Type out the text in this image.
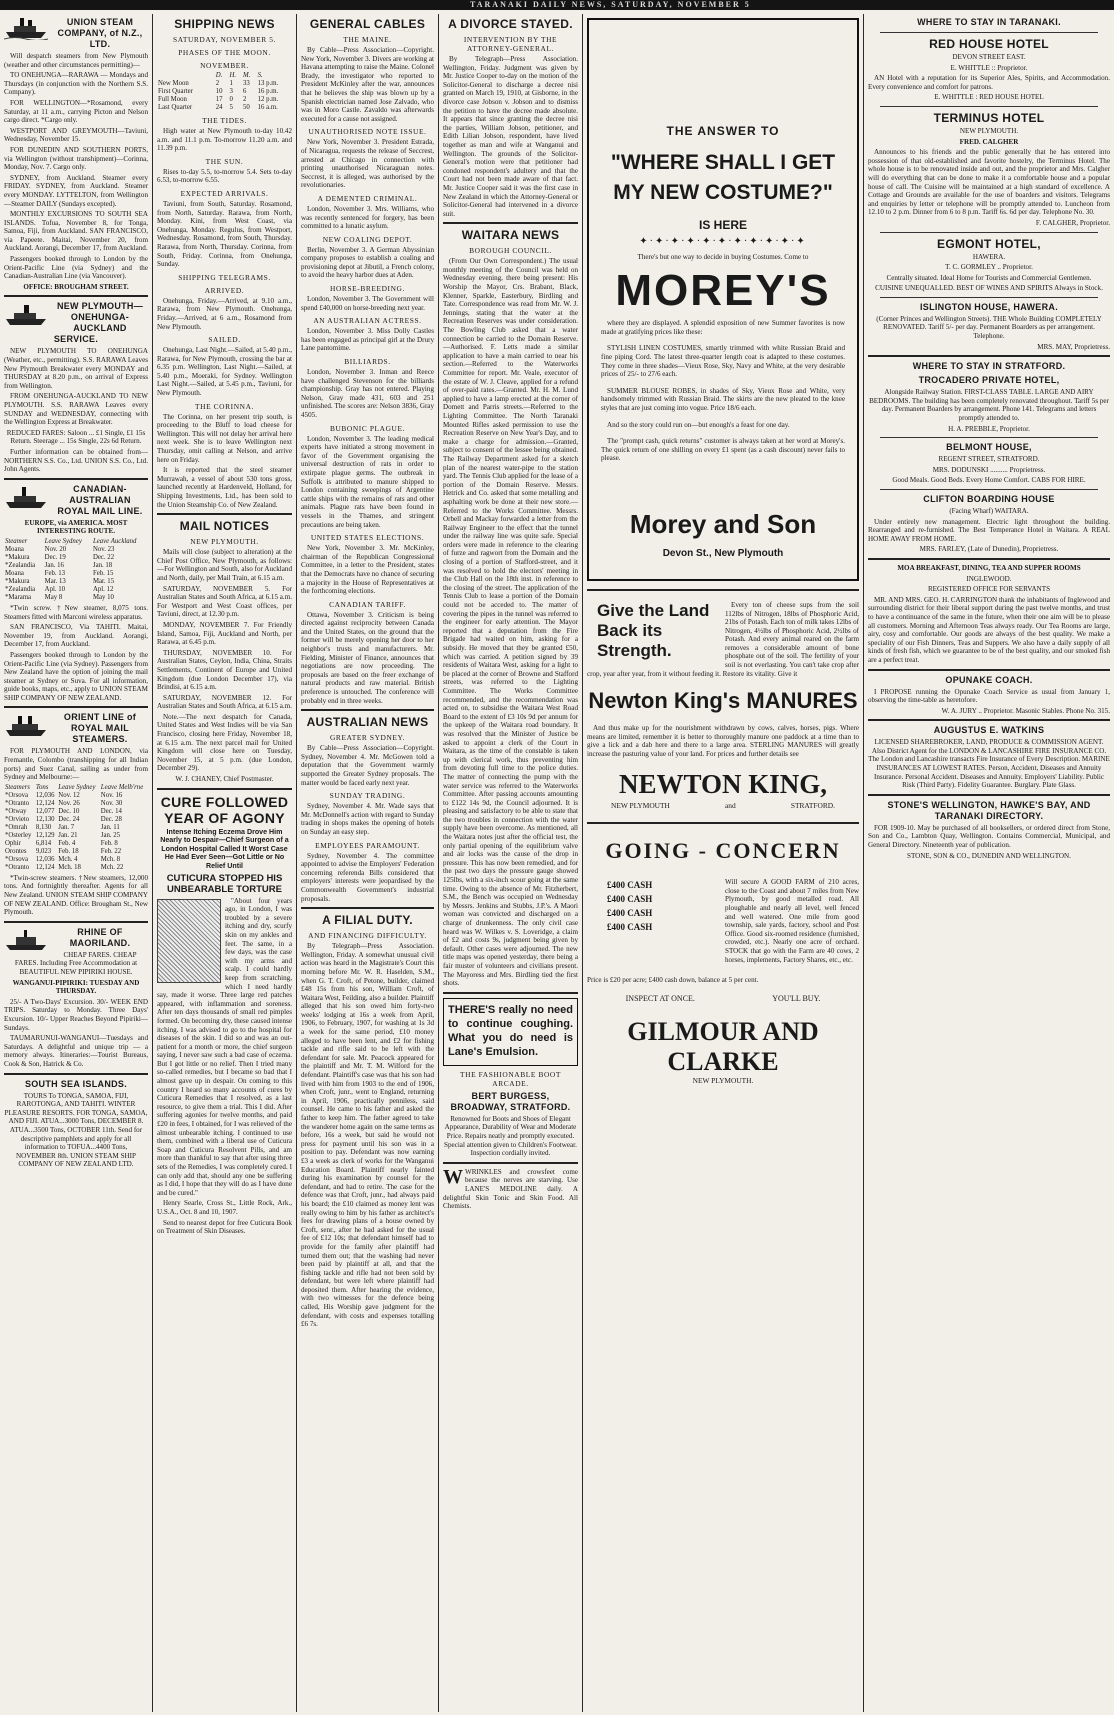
TARANAKI DAILY NEWS, SATURDAY, NOVEMBER 5
UNION STEAM COMPANY, of N.Z., LTD.

Will despatch steamers from New Plymouth (weather and other circumstances permitting)—

TO ONEHUNGA—RARAWA — Mondays and Thursdays (in conjunction with the Northern S.S. Company).

FOR WELLINGTON—*Rosamond, every Saturday, at 11 a.m., carrying Picton and Nelson cargo direct. *Cargo only.

WESTPORT AND GREYMOUTH—Taviuni, Wednesday, November 15.

FOR DUNEDIN AND SOUTHERN PORTS, via Wellington (without transhipment)—Corinna, Monday, Nov. 7. Cargo only.

SYDNEY, from Auckland. Steamer every FRIDAY. SYDNEY, from Auckland. Steamer every MONDAY. LYTTELTON, from Wellington—Steamer DAILY (Sundays excepted).

MONTHLY EXCURSIONS TO SOUTH SEA ISLANDS. Tofua, November 8, for Tonga, Samoa, Fiji, from Auckland. SAN FRANCISCO, via Papeete. Maitai, November 20, from Auckland. Aorangi, December 17, from Auckland.

Passengers booked through to London by the Orient-Pacific Line (via Sydney) and the Canadian-Australian Line (via Vancouver).

OFFICE: BROUGHAM STREET.

NEW PLYMOUTH—ONEHUNGA-AUCKLAND SERVICE.

NEW PLYMOUTH TO ONEHUNGA (Weather, etc., permitting). S.S. RARAWA Leaves New Plymouth Breakwater every MONDAY and THURSDAY at 8.20 p.m., on arrival of Express from Wellington.

FROM ONEHUNGA-AUCKLAND TO NEW PLYMOUTH. S.S. RARAWA Leaves every SUNDAY and WEDNESDAY, connecting with the Wellington Express at Breakwater.

REDUCED FARES: Saloon ... £1 Single, £1 15s Return. Steerage ... 15s Single, 22s 6d Return.

Further information can be obtained from—NORTHERN S.S. Co., Ltd. UNION S.S. Co., Ltd. John Agents.

CANADIAN-AUSTRALIAN ROYAL MAIL LINE.

EUROPE, via AMERICA. MOST INTERESTING ROUTE.

Steamer	Leave Sydney	Leave Auckland
Moana	Nov. 20	Nov. 23
*Makura	Dec. 19	Dec. 22
*Zealandia	Jan. 16	Jan. 18
Moana	Feb. 13	Feb. 15
*Makura	Mar. 13	Mar. 15
*Zealandia	Apl. 10	Apl. 12
*Marama	May 8	May 10

*Twin screw. †New steamer, 8,075 tons. Steamers fitted with Marconi wireless apparatus.

SAN FRANCISCO, Via TAHITI. Maitai, November 19, from Auckland. Aorangi, December 17, from Auckland.

Passengers booked through to London by the Orient-Pacific Line (via Sydney). Passengers from New Zealand have the option of joining the mail steamer at Sydney or Suva. For all information, guide books, maps, etc., apply to UNION STEAM SHIP COMPANY OF NEW ZEALAND.

ORIENT LINE of ROYAL MAIL STEAMERS.

FOR PLYMOUTH AND LONDON, via Fremantle, Colombo (transhipping for all Indian ports) and Suez Canal, sailing as under from Sydney and Melbourne:—

Steamers	Tons	Leave Sydney	Leave Melb'rne
*Orsova	12,036	Nov. 12	Nov. 16
*Otranto	12,124	Nov. 26	Nov. 30
*Otway	12,077	Dec. 10	Dec. 14
*Orvieto	12,130	Dec. 24	Dec. 28
*Omrah	8,130	Jan. 7	Jan. 11
*Osterley	12,129	Jan. 21	Jan. 25
Ophir	6,814	Feb. 4	Feb. 8
Orontes	9,023	Feb. 18	Feb. 22
*Orsova	12,036	Mch. 4	Mch. 8
*Otranto	12,124	Mch. 18	Mch. 22

*Twin-screw steamers. †New steamers, 12,000 tons. And fortnightly thereafter. Agents for all New Zealand. UNION STEAM SHIP COMPANY OF NEW ZEALAND. Office: Brougham St., New Plymouth.

RHINE OF MAORILAND.

CHEAP FARES. CHEAP FARES. Including Free Accommodation at BEAUTIFUL NEW PIPIRIKI HOUSE.

WANGANUI-PIPIRIKI: TUESDAY AND THURSDAY.

25/- A Two-Days' Excursion. 30/- WEEK END TRIPS. Saturday to Monday. Three Days' Excursion. 10/- Upper Reaches Beyond Pipiriki—Sundays.

TAUMARUNUI-WANGANUI—Tuesdays and Saturdays. A delightful and unique trip — a memory always. Itineraries:—Tourist Bureaus, Cook & Son, Hatrick & Co.

SOUTH SEA ISLANDS.

TOURS To TONGA, SAMOA, FIJI, RAROTONGA, AND TAHITI. WINTER PLEASURE RESORTS. FOR TONGA, SAMOA, AND FIJI. ATUA...3000 Tons, DECEMBER 8. ATUA...3500 Tons, OCTOBER 11th. Send for descriptive pamphlets and apply for all information to TOFUA...4400 Tons, NOVEMBER 8th. UNION STEAM SHIP COMPANY OF NEW ZEALAND LTD.

SHIPPING NEWS
SATURDAY, NOVEMBER 5.
PHASES OF THE MOON.
NOVEMBER.
	D.	H.	M.	S.
New Moon	2	1	33	13 p.m.
First Quarter	10	3	6	16 p.m.
Full Moon	17	0	2	12 p.m.
Last Quarter	24	5	50	16 a.m.
THE TIDES.

High water at New Plymouth to-day 10.42 a.m. and 11.1 p.m. To-morrow 11.20 a.m. and 11.39 p.m.

THE SUN.

Rises to-day 5.5, to-morrow 5.4. Sets to-day 6.53, to-morrow 6.55.

EXPECTED ARRIVALS.

Taviuni, from South, Saturday. Rosamond, from North, Saturday. Rarawa, from North, Monday. Kini, from West Coast, via Onehunga, Monday. Regulus, from Westport, Wednesday. Rosamond, from South, Thursday. Rarawa, from North, Thursday. Corinna, from South, Friday. Corinna, from Onehunga, Sunday.

SHIPPING TELEGRAMS.
ARRIVED.

Onehunga, Friday.—Arrived, at 9.10 a.m., Rarawa, from New Plymouth. Onehunga, Friday.—Arrived, at 6 a.m., Rosamond from New Plymouth.

SAILED.

Onehunga, Last Night.—Sailed, at 5.40 p.m., Rarawa, for New Plymouth, crossing the bar at 6.35 p.m. Wellington, Last Night.—Sailed, at 5.40 p.m., Moeraki, for Sydney. Wellington Last Night.—Sailed, at 5.45 p.m., Taviuni, for New Plymouth.

THE CORINNA.

The Corinna, on her present trip south, is proceeding to the Bluff to load cheese for Wellington. This will not delay her arrival here next week. She is to leave Wellington next Thursday, omit calling at Nelson, and arrive here on Friday.

It is reported that the steel steamer Murrawah, a vessel of about 530 tons gross, launched recently at Hardenveld, Holland, for Shipping Investments, Ltd., has been sold to the Union Steamship Co. of New Zealand.

MAIL NOTICES
NEW PLYMOUTH.

Mails will close (subject to alteration) at the Chief Post Office, New Plymouth, as follows:—For Wellington and South, also for Auckland and North, daily, per Mail Train, at 6.15 a.m.

SATURDAY, NOVEMBER 5. For Australian States and South Africa, at 6.15 a.m. For Westport and West Coast offices, per Taviuni, direct, at 12.30 p.m.

MONDAY, NOVEMBER 7. For Friendly Island, Samoa, Fiji, Auckland and North, per Rarawa, at 6.45 p.m.

THURSDAY, NOVEMBER 10. For Australian States, Ceylon, India, China, Straits Settlements, Continent of Europe and United Kingdom (due London December 17), via Brindisi, at 6.15 a.m.

SATURDAY, NOVEMBER 12. For Australian States and South Africa, at 6.15 a.m.

Note.—The next despatch for Canada, United States and West Indies will be via San Francisco, closing here Friday, November 18, at 6.15 a.m. The next parcel mail for United Kingdom will close here on Tuesday, November 15, at 5 p.m. (due London, December 29).

W. J. CHANEY, Chief Postmaster.

CURE FOLLOWED YEAR OF AGONY

Intense Itching Eczema Drove Him Nearly to Despair—Chief Surgeon of a London Hospital Called It Worst Case He Had Ever Seen—Got Little or No Relief Until

CUTICURA STOPPED HIS UNBEARABLE TORTURE

"About four years ago, in London, I was troubled by a severe itching and dry, scurfy skin on my ankles and feet. The same, in a few days, was the case with my arms and scalp. I could hardly keep from scratching, which I need hardly say, made it worse. Three large red patches appeared, with inflammation and soreness. After ten days thousands of small red pimples formed. On becoming dry, these caused intense itching. I was advised to go to the hospital for diseases of the skin. I did so and was an out-patient for a month or more, the chief surgeon saying, I never saw such a bad case of eczema. But I got little or no relief. Then I tried many so-called remedies, but I became so bad that I almost gave up in despair. On coming to this country I heard so many accounts of cures by Cuticura Remedies that I resolved, as a last resource, to give them a trial. This I did. After suffering agonies for twelve months, and paid £20 in fees, I obtained, for I was relieved of the almost unbearable itching. I continued to use them, combined with a liberal use of Cuticura Soap and Cuticura Resolvent Pills, and am more than thankful to say that after using three sets of the Remedies, I was completely cured. I can only add that, should any one be suffering as I did, I hope that they will do as I have done and be cured."

Henry Searle, Cross St., Little Rock, Ark., U.S.A., Oct. 8 and 10, 1907.

Send to nearest depot for free Cuticura Book on Treatment of Skin Diseases.

GENERAL CABLES
THE MAINE.

By Cable—Press Association—Copyright. New York, November 3. Divers are working at Havana attempting to raise the Maine. Colonel Brady, the investigator who reported to President McKinley after the war, announces that he believes the ship was blown up by a Spanish electrician named Jose Zalvado, who was in Moro Castle. Zavaldo was afterwards executed for a cause not assigned.

UNAUTHORISED NOTE ISSUE.

New York, November 3. President Estrada, of Nicaragua, requests the release of Seccrest, arrested at Chicago in connection with printing unauthorised Nicaraguan notes. Seccrest, it is alleged, was authorised by the revolutionaries.

A DEMENTED CRIMINAL.

London, November 3. Mrs. Williams, who was recently sentenced for forgery, has been committed to a lunatic asylum.

NEW COALING DEPOT.

Berlin, November 3. A German Abyssinian company proposes to establish a coaling and provisioning depot at Jibutil, a French colony, to avoid the heavy harbor dues at Aden.

HORSE-BREEDING.

London, November 3. The Government will spend £40,000 on horse-breeding next year.

AN AUSTRALIAN ACTRESS.

London, November 3. Miss Dolly Castles has been engaged as principal girl at the Drury Lane pantomime.

BILLIARDS.

London, November 3. Inman and Reece have challenged Stevenson for the billiards championship. Gray has not entered. Playing Nelson, Gray made 431, 603 and 251 unfinished. The scores are: Nelson 3836, Gray 4505.

BUBONIC PLAGUE.

London, November 3. The leading medical experts have initiated a strong movement in favor of the Government organising the universal destruction of rats in order to extirpate plague germs. The outbreak in Suffolk is attributed to manure shipped to London containing sweepings of Argentine cattle ships with the remains of rats and other animals. Plague rats have been found in vessels in the Thames, and stringent precautions are being taken.

UNITED STATES ELECTIONS.

New York, November 3. Mr. McKinley, chairman of the Republican Congressional Committee, in a letter to the President, states that the Democrats have no chance of securing a majority in the House of Representatives at the forthcoming elections.

CANADIAN TARIFF.

Ottawa, November 3. Criticism is being directed against reciprocity between Canada and the United States, on the ground that the former will be merely opening her door to her neighbor's trusts and manufacturers. Mr. Fielding, Minister of Finance, announces that negotiations are now proceeding. The proposals are based on the freer exchange of natural products and raw material. British preference is untouched. The conference will probably end in three weeks.

AUSTRALIAN NEWS
GREATER SYDNEY.

By Cable—Press Association—Copyright. Sydney, November 4. Mr. McGowen told a deputation that the Government warmly supported the Greater Sydney proposals. The matter would be faced early next year.

SUNDAY TRADING.

Sydney, November 4. Mr. Wade says that Mr. McDonnell's action with regard to Sunday trading in shops makes the opening of hotels on Sunday an easy step.

EMPLOYEES PARAMOUNT.

Sydney, November 4. The committee appointed to advise the Employers' Federation concerning referenda Bills considered that employers' interests were jeopardised by the Commonwealth Government's industrial proposals.

A FILIAL DUTY.
AND FINANCING DIFFICULTY.

By Telegraph—Press Association. Wellington, Friday. A somewhat unusual civil action was heard in the Magistrate's Court this morning before Mr. W. R. Haselden, S.M., when G. T. Croft, of Petone, builder, claimed £48 15s from his son, William Croft, of Waitara West, Feilding, also a builder. Plaintiff alleged that his son owed him forty-two weeks' lodging at 16s a week from April, 1906, to February, 1907, for washing at 1s 3d a week for the same period, £10 money alleged to have been lent, and £2 for fishing tackle and rifle said to be left with the defendant for sale. Mr. Peacock appeared for the plaintiff and Mr. T. M. Wilford for the defendant. Plaintiff's case was that his son had lived with him from 1903 to the end of 1906, when Croft, junr., went to England, returning in April, 1906, practically penniless, said counsel. He came to his father and asked the father to keep him. The father agreed to take the wanderer home again on the same terms as before, 16s a week, but said he would not press for payment until his son was in a position to pay. Defendant was now earning £3 a week as clerk of works for the Wanganui Education Board. Plaintiff nearly fainted during his examination by counsel for the defendant, and had to retire. The case for the defence was that Croft, junr., had always paid his board; the £10 claimed as money lent was really owing to him by his father as architect's fees for drawing plans of a house owned by Croft, senr., after he had asked for the usual fee of £12 10s; that defendant himself had to provide for the family after plaintiff had turned them out; that the washing had never been paid by plaintiff at all, and that the fishing tackle and rifle had not been sold by defendant, but were left where plaintiff had deposited them. After hearing the evidence, with two witnesses for the defence being called, His Worship gave judgment for the defendant, with costs and expenses totalling £6 7s.

A DIVORCE STAYED.
INTERVENTION BY THE ATTORNEY-GENERAL.

By Telegraph—Press Association. Wellington, Friday. Judgment was given by Mr. Justice Cooper to-day on the motion of the Solicitor-General to discharge a decree nisi granted on March 19, 1910, at Gisborne, in the divorce case Jobson v. Jobson and to dismiss the petition to have the decree made absolute. It appears that since granting the decree nisi the parties, William Jobson, petitioner, and Edith Lilian Jobson, respondent, have lived together as man and wife at Wanganui and Wellington. The grounds of the Solicitor-General's motion were that petitioner had condoned respondent's adultery and that the Court had not been made aware of that fact. Mr. Justice Cooper said it was the first case in New Zealand in which the Attorney-General or Solicitor-General had intervened in a divorce suit.

WAITARA NEWS
BOROUGH COUNCIL.

(From Our Own Correspondent.) The usual monthly meeting of the Council was held on Wednesday evening, there being present: His Worship the Mayor, Crs. Brabant, Black, Klenner, Sparkle, Easterbury, Birdling and Tate. Correspondence was read from Mr. W. J. Jennings, stating that the water at the Recreation Reserves was under consideration. The Bowling Club asked that a water connection be carried to the Domain Reserve.—Authorised. F. Letts made a similar application to have a main carried to near his section.—Referred to the Waterworks Committee for report. Mr. Veale, executor of the estate of W. J. Cleave, applied for a refund of over-paid rates.—Granted. Mr. H. M. Lund applied to have a lamp erected at the corner of Domett and Parris streets.—Referred to the Lighting Committee. The North Taranaki Mounted Rifles asked permission to use the Recreation Reserve on New Year's Day, and to make a charge for admission.—Granted, subject to consent of the lessee being obtained. The Railway Department asked for a sketch plan of the nearest water-pipe to the station yard. The Tennis Club applied for the lease of a portion of the Domain Reserve. Messrs. Hetrick and Co. asked that some metalling and asphalting work be done at their new store.—Referred to the Works Committee. Messrs. Orbell and Mackay forwarded a letter from the Railway Engineer to the effect that the tunnel under the railway line was quite safe. Special orders were made in reference to the clearing of furze and ragwort from the Domain and the closing of a portion of Stafford-street, and it was resolved to hold the electors' meeting in the Club Hall on the 18th inst. in reference to the closing of the street. The application of the Tennis Club to lease a portion of the Domain could not be acceded to. The matter of covering the pipes in the tunnel was referred to the engineer for early attention. The Mayor reported that a deputation from the Fire Brigade had waited on him, asking for a subsidy. He moved that they be granted £50, which was carried. A petition signed by 39 residents of Waitara West, asking for a light to be placed at the corner of Browne and Stafford streets, was referred to the Lighting Committee. The Works Committee recommended, and the recommendation was acted on, to subsidise the Waitara West Road Board to the extent of £3 10s 9d per annum for the upkeep of the Waitara road boundary. It was resolved that the Minister of Justice be asked to appoint a clerk of the Court in Waitara, as the time of the constable is taken up with clerical work, thus preventing him from devoting full time to the police duties. The matter of connecting the pump with the water service was referred to the Waterworks Committee. After passing accounts amounting to £122 14s 9d, the Council adjourned. It is pleasing and satisfactory to be able to state that the two troubles in connection with the water supply have been overcome. As mentioned, all the Waitara notes just after the official test, the only partial opening of the equilibrium valve and air locks was the cause of the drop in pressure. This has now been remedied, and for the past two days the pressure gauge showed 125lbs, with a six-inch scour going at the same time. Owing to the absence of Mr. Fitzherbert, S.M., the Bench was occupied on Wednesday by Messrs. Jenkins and Stubbs, J.P.'s. A Maori woman was convicted and discharged on a charge of drunkenness. The only civil case heard was W. Wilkes v. S. Loveridge, a claim of £2 and costs 9s, judgment being given by default. Other cases were adjourned. The new title maps was opened yesterday, there being a fair muster of volunteers and civilians present. The Mayoress and Mrs. Birdling tied the first shots.

THERE'S really no need to continue coughing. What you do need is Lane's Emulsion.

THE FASHIONABLE BOOT ARCADE.
BERT BURGESS, BROADWAY, STRATFORD.

Renowned for Boots and Shoes of Elegant Appearance, Durability of Wear and Moderate Price. Repairs neatly and promptly executed. Special attention given to Children's Footwear. Inspection cordially invited.

WWRINKLES and crowsfeet come because the nerves are starving. Use LANE'S MEDOLINE daily. A delightful Skin Tonic and Skin Food. All Chemists.

THE ANSWER TO
"WHERE SHALL I GET MY NEW COSTUME?"
IS HERE
✦·✦·✦·✦·✦·✦·✦·✦·✦·✦·✦

There's but one way to decide in buying Costumes. Come to

MOREY'S

where they are displayed. A splendid exposition of new Summer favorites is now made at gratifying prices like these:

STYLISH LINEN COSTUMES, smartly trimmed with white Russian Braid and fine piping Cord. The latest three-quarter length coat is adapted to these costumes. They come in three shades—Vieux Rose, Sky, Navy and White, at the very desirable prices of 25/- to 27/6 each.

SUMMER BLOUSE ROBES, in shades of Sky, Vieux Rose and White, very handsomely trimmed with Russian Braid. The skirts are the new pleated to the knee styles that are just coming into vogue. Price 18/6 each.

And so the story could run on—but enough's a feast for one day.

The "prompt cash, quick returns" customer is always taken at her word at Morey's. The quick return of one shilling on every £1 spent (as a cash discount) never fails to please.

Morey and Son
Devon St., New Plymouth
Give the Land Back its Strength.

Every ton of cheese sups from the soil 112lbs of Nitrogen, 18lbs of Phosphoric Acid, 21bs of Potash. Each ton of milk takes 12lbs of Nitrogen, 4½lbs of Phosphoric Acid, 2½lbs of Potash. And every animal reared on the farm removes a considerable amount of bone phosphate out of the soil. The fertility of your soil is not everlasting. You can't take crop after crop, year after year, from it without feeding it. Restore its vitality. Give it

Newton King's MANURES

And thus make up for the nourishment withdrawn by cows, calves, horses, pigs. Where means are limited, remember it is better to thoroughly manure one paddock at a time than to give a lick and a dab here and there to a large area. STERLING MANURES will greatly increase the pasturing value of your land. For prices and further details see

NEWTON KING,
NEW PLYMOUTH	and	STRATFORD.
GOING - CONCERN
£400 CASH
£400 CASH
£400 CASH
£400 CASH

Will secure A GOOD FARM of 210 acres, close to the Coast and about 7 miles from New Plymouth, by good metalled road. All ploughable and nearly all level, well fenced and well watered. One mile from good township, sale yards, factory, school and Post Office. Good six-roomed residence (furnished, crowded, etc.). Nearly one acre of orchard. STOCK that go with the Farm are 40 cows, 2 horses, implements, Factory Shares, etc., etc.

Price is £20 per acre; £400 cash down, balance at 5 per cent.

INSPECT AT ONCE.	YOU'LL BUY.
GILMOUR AND CLARKE
NEW PLYMOUTH.
WHERE TO STAY IN TARANAKI.
RED HOUSE HOTEL

DEVON STREET EAST.

E. WHITTLE :: Proprietor.

AN Hotel with a reputation for its Superior Ales, Spirits, and Accommodation. Every convenience and comfort for patrons.

E. WHITTLE : RED HOUSE HOTEL

TERMINUS HOTEL

NEW PLYMOUTH.

FRED. CALGHER

Announces to his friends and the public generally that he has entered into possession of that old-established and favorite hostelry, the Terminus Hotel. The whole house is to be renovated inside and out, and the proprietor and Mrs. Calgher will do everything that can be done to make it a comfortable house and a popular house of call. The Cuisine will be maintained at a high standard of excellence. A Cottage and Grounds are available for the use of boarders and visitors. Telegrams and enquiries by letter or telephone will be promptly attended to. Luncheon from 12.10 to 2 p.m. Dinner from 6 to 8 p.m. Tariff 6s. 6d per day. Telephone No. 30.

F. CALGHER, Proprietor.

EGMONT HOTEL,

HAWERA.

T. C. GORMLEY .. Proprietor.

Centrally situated. Ideal Home for Tourists and Commercial Gentlemen.

CUISINE UNEQUALLED. BEST OF WINES AND SPIRITS Always in Stock.

ISLINGTON HOUSE, HAWERA.

(Corner Princes and Wellington Streets). THE Whole Building COMPLETELY RENOVATED. Tariff 5/- per day. Permanent Boarders as per arrangement. Telephone.

MRS. MAY, Proprietress.

WHERE TO STAY IN STRATFORD.
TROCADERO PRIVATE HOTEL,

Alongside Railway Station. FIRST-CLASS TABLE. LARGE AND AIRY BEDROOMS. The building has been completely renovated throughout. Tariff 5s per day. Permanent Boarders by arrangement. Phone 141. Telegrams and letters promptly attended to.

H. A. PREBBLE, Proprietor.

BELMONT HOUSE,

REGENT STREET, STRATFORD.

MRS. DODUNSKI .......... Proprietress.

Good Meals. Good Beds. Every Home Comfort. CABS FOR HIRE.

CLIFTON BOARDING HOUSE

(Facing Wharf) WAITARA.

Under entirely new management. Electric light throughout the building. Rearranged and re-furnished. The Best Temperance Hotel in Waitara. A REAL HOME AWAY FROM HOME.

MRS. FARLEY, (Late of Dunedin), Proprietress.

MOA BREAKFAST, DINING, TEA AND SUPPER ROOMS

INGLEWOOD.

REGISTERED OFFICE FOR SERVANTS

MR. AND MRS. GEO. H. CARRINGTON thank the inhabitants of Inglewood and surrounding district for their liberal support during the past twelve months, and trust to have a continuance of the same in the future, when their one aim will be to please all customers. Morning and Afternoon Teas always ready. Our Tea Rooms are large, airy, cosy and comfortable. Our goods are always of the best quality. We make a speciality of our Fish Dinners, Teas and Suppers. We also have a daily supply of all kinds of fresh fish, which we guarantee to be of the best quality, and our smoked fish are a perfect treat.

OPUNAKE COACH.

I PROPOSE running the Opunake Coach Service as usual from January 1, observing the time-table as heretofore.

W. A. JURY .. Proprietor. Masonic Stables. Phone No. 315.

AUGUSTUS E. WATKINS

LICENSED SHAREBROKER, LAND, PRODUCE & COMMISSION AGENT. Also District Agent for the LONDON & LANCASHIRE FIRE INSURANCE CO. The London and Lancashire transacts Fire Insurance of Every Description. MARINE INSURANCES AT LOWEST RATES. Person, Accident, Diseases and Annuity Insurance. Personal Accident. Diseases and Annuity. Employers' Liability. Public Risk (Third Party). Fidelity Guarantee. Burglary. Plate Glass.

STONE'S WELLINGTON, HAWKE'S BAY, AND TARANAKI DIRECTORY.

FOR 1909-10. May be purchased of all booksellers, or ordered direct from Stone, Son and Co., Lambton Quay, Wellington. Contains Commercial, Municipal, and General Directory. Nineteenth year of publication.

STONE, SON & CO., DUNEDIN AND WELLINGTON.
